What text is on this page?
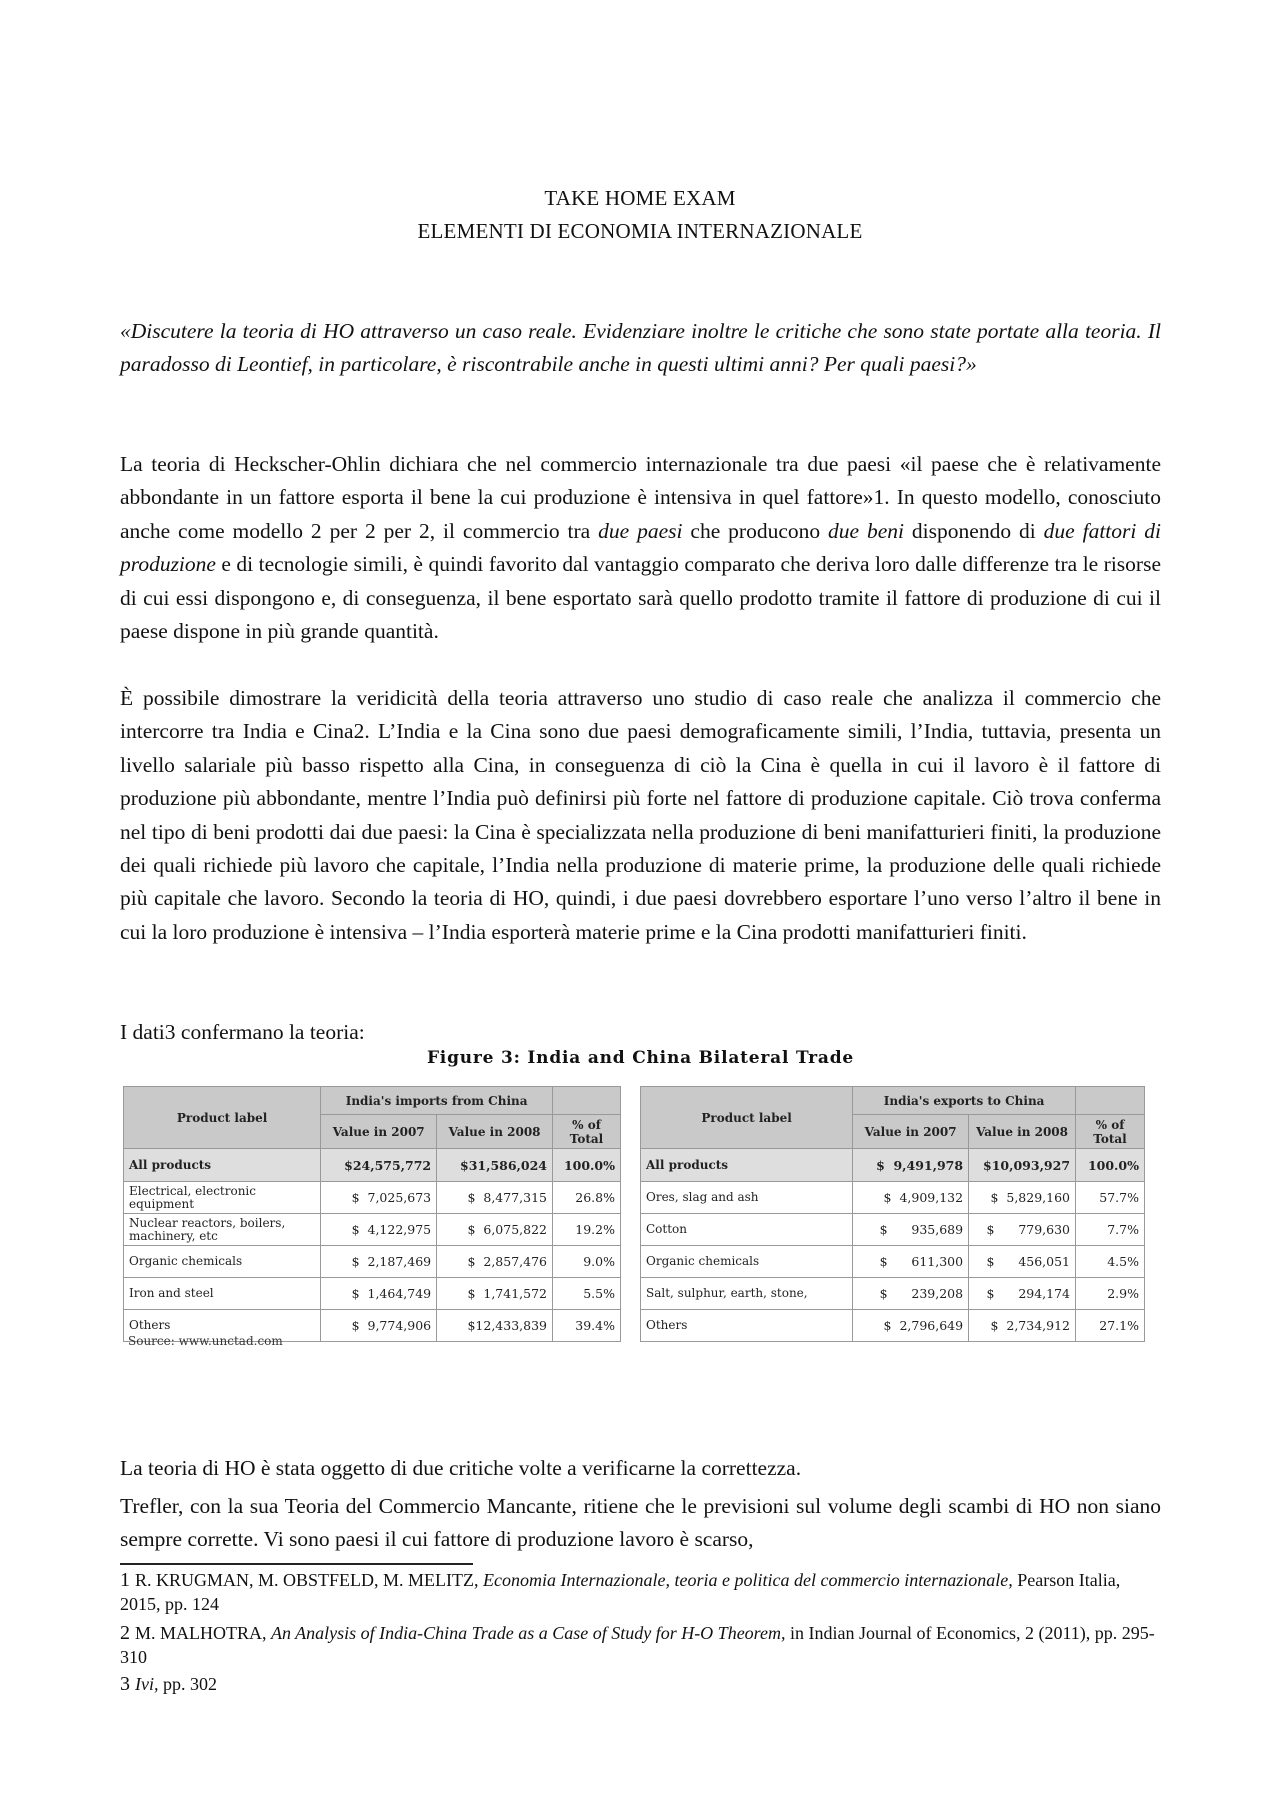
TAKE HOME EXAM
ELEMENTI DI ECONOMIA INTERNAZIONALE

«Discutere la teoria di HO attraverso un caso reale. Evidenziare inoltre le critiche che sono state portate alla teoria. Il paradosso di Leontief, in particolare, è riscontrabile anche in questi ultimi anni? Per quali paesi?»

La teoria di Heckscher-Ohlin dichiara che nel commercio internazionale tra due paesi «il paese che è relativamente abbondante in un fattore esporta il bene la cui produzione è intensiva in quel fattore»1. In questo modello, conosciuto anche come modello 2 per 2 per 2, il commercio tra due paesi che producono due beni disponendo di due fattori di produzione e di tecnologie simili, è quindi favorito dal vantaggio comparato che deriva loro dalle differenze tra le risorse di cui essi dispongono e, di conseguenza, il bene esportato sarà quello prodotto tramite il fattore di produzione di cui il paese dispone in più grande quantità.

È possibile dimostrare la veridicità della teoria attraverso uno studio di caso reale che analizza il commercio che intercorre tra India e Cina2. L’India e la Cina sono due paesi demograficamente simili, l’India, tuttavia, presenta un livello salariale più basso rispetto alla Cina, in conseguenza di ciò la Cina è quella in cui il lavoro è il fattore di produzione più abbondante, mentre l’India può definirsi più forte nel fattore di produzione capitale. Ciò trova conferma nel tipo di beni prodotti dai due paesi: la Cina è specializzata nella produzione di beni manifatturieri finiti, la produzione dei quali richiede più lavoro che capitale, l’India nella produzione di materie prime, la produzione delle quali richiede più capitale che lavoro. Secondo la teoria di HO, quindi, i due paesi dovrebbero esportare l’uno verso l’altro il bene in cui la loro produzione è intensiva – l’India esporterà materie prime e la Cina prodotti manifatturieri finiti.

I dati3 confermano la teoria:

Figure 3: India and China Bilateral Trade
Product label	India's imports from China		
	Value in 2007	Value in 2008	% of Total
All products	$24,575,772	$31,586,024	100.0%
Electrical, electronic equipment	$  7,025,673	$  8,477,315	26.8%
Nuclear reactors, boilers, machinery, etc	$  4,122,975	$  6,075,822	19.2%
Organic chemicals	$  2,187,469	$  2,857,476	9.0%
Iron and steel	$  1,464,749	$  1,741,572	5.5%
Others	$  9,774,906	$12,433,839	39.4%
Product label	India's exports to China		
	Value in 2007	Value in 2008	% of Total
All products	$  9,491,978	$10,093,927	100.0%
Ores, slag and ash	$  4,909,132	$  5,829,160	57.7%
Cotton	$      935,689	$      779,630	7.7%
Organic chemicals	$      611,300	$      456,051	4.5%
Salt, sulphur, earth, stone,	$      239,208	$      294,174	2.9%
Others	$  2,796,649	$  2,734,912	27.1%
Source: www.unctad.com

La teoria di HO è stata oggetto di due critiche volte a verificarne la correttezza.

Trefler, con la sua Teoria del Commercio Mancante, ritiene che le previsioni sul volume degli scambi di HO non siano sempre corrette. Vi sono paesi il cui fattore di produzione lavoro è scarso,

1 R. KRUGMAN, M. OBSTFELD, M. MELITZ, Economia Internazionale, teoria e politica del commercio internazionale, Pearson Italia, 2015, pp. 124

2 M. MALHOTRA, An Analysis of India-China Trade as a Case of Study for H-O Theorem, in Indian Journal of Economics, 2 (2011), pp. 295-310

3 Ivi, pp. 302
